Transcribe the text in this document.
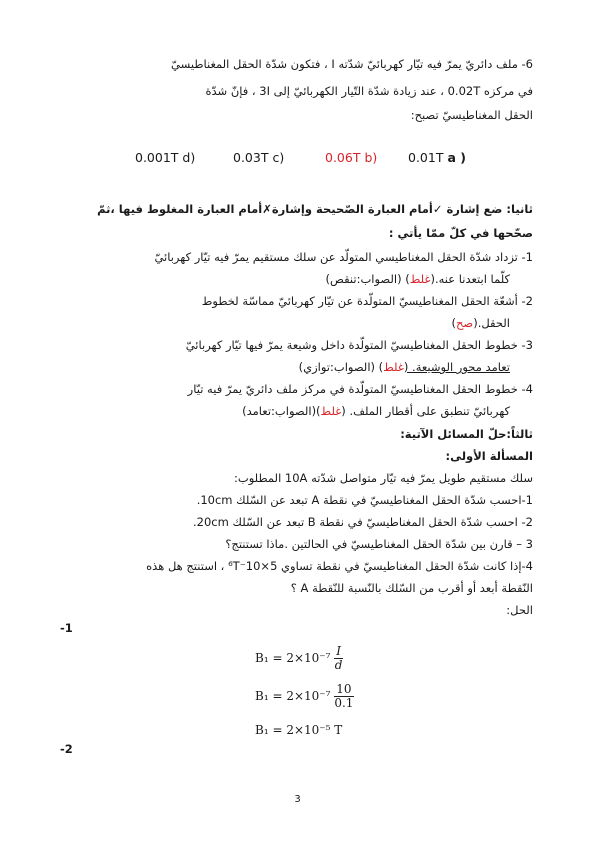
6- ملف دائريّ يمرّ فيه تيّار كهربائيّ شدّته I ، فتكون شدّة الحقل المغناطيسيّ
في مركزه 0.02T ، عند زيادة شدّة التّيار الكهربائيّ إلى 3I ، فإنّ شدّة
الحقل المغناطيسيّ تصبح:
0.01T a )
0.06T b)
0.03T c)
0.001T d)
ثانيا: ضع إشارة ✓أمام العبارة الصّحيحة وإشارة✗أمام العبارة المغلوط فيها ،ثمّ
صحّحها في كلّ ممّا يأتي :
1- تزداد شدّة الحقل المغناطيسي المتولّد عن سلك مستقيم يمرّ فيه تيّار كهربائيّ
كلّما ابتعدنا عنه.(غلط) (الصواب:تنقص)
2- أشعّة الحقل المغناطيسيّ المتولّدة عن تيّار كهربائيّ مماسّة لخطوط
الحقل.(صح)
3- خطوط الحقل المغناطيسيّ المتولّدة داخل وشيعة يمرّ فيها تيّار كهربائيّ
تعامد محور الوشيعة. (غلط) (الصواب:توازي)
4- خطوط الحقل المغناطيسيّ المتولّدة في مركز ملف دائريّ يمرّ فيه تيّار
كهربائيّ تنطبق على أقطار الملف. (غلط)(الصواب:تعامد)
ثالثاً:حلّ المسائل الآتية:
المسألة الأولى:
سلك مستقيم طويل يمرّ فيه تيّار متواصل شدّته 10A المطلوب:
1-احسب شدّة الحقل المغناطيسيّ في نقطة A تبعد عن السّلك 10cm.
2- احسب شدّة الحقل المغناطيسيّ في نقطة B تبعد عن السّلك 20cm.
3 – قارن بين شدّة الحقل المغناطيسيّ في الحالتين .ماذا تستنتج؟
4-إذا كانت شدّة الحقل المغناطيسيّ في نقطة تساوي 5×10⁻⁶T ، استنتج هل هذه
النّقطة أبعد أو أقرب من السّلك بالنّسبة للنّقطة A ؟
الحل:
-1
$B_1 = 2\times 10^{-7} \frac{I}{d}$
$B_1 = 2\times 10^{-7} \frac{10}{0.1}$
B₁ = 2×10⁻⁵ T
-2
3
